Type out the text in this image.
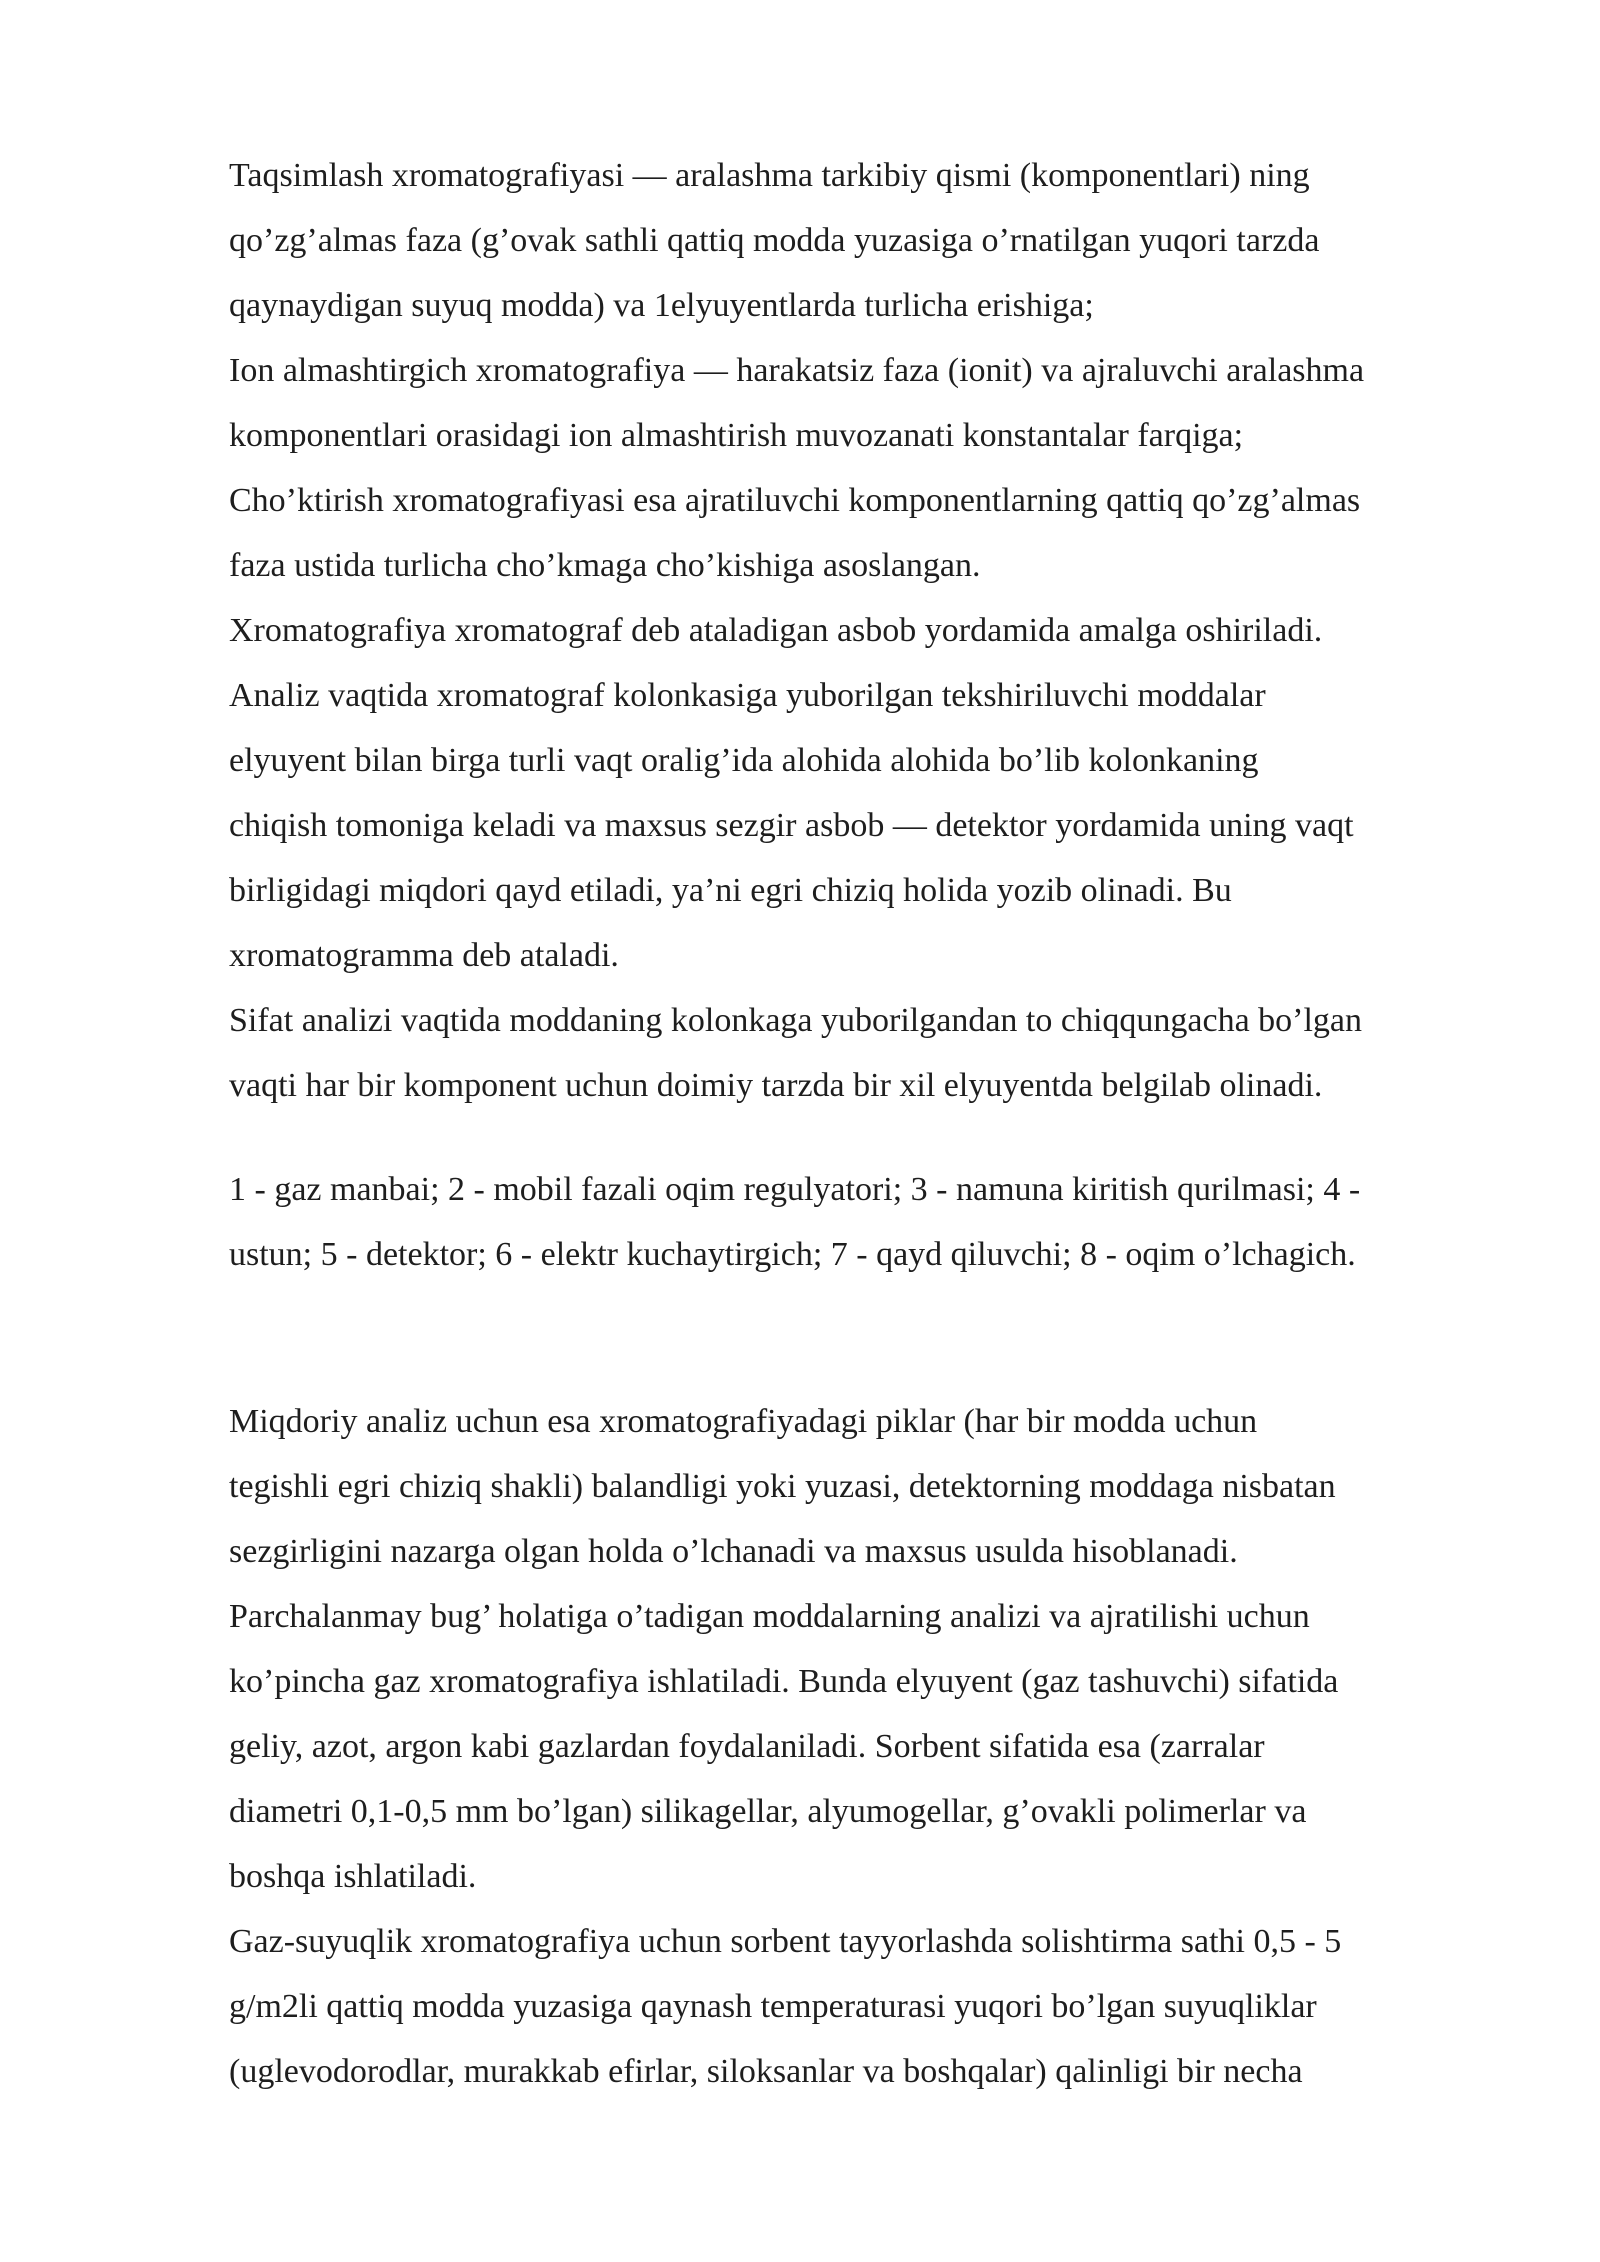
Taqsimlash xromatografiyasi — aralashma tarkibiy qismi (komponentlari) ning
qo’zg’almas faza (g’ovak sathli qattiq modda yuzasiga o’rnatilgan yuqori tarzda
qaynaydigan suyuq modda) va 1elyuyentlarda turlicha erishiga;
Ion almashtirgich xromatografiya — harakatsiz faza (ionit) va ajraluvchi aralashma
komponentlari orasidagi ion almashtirish muvozanati konstantalar farqiga;
Cho’ktirish xromatografiyasi esa ajratiluvchi komponentlarning qattiq qo’zg’almas
faza ustida turlicha cho’kmaga cho’kishiga asoslangan.
Xromatografiya xromatograf deb ataladigan asbob yordamida amalga oshiriladi.
Analiz vaqtida xromatograf kolonkasiga yuborilgan tekshiriluvchi moddalar
elyuyent bilan birga turli vaqt oralig’ida alohida alohida bo’lib kolonkaning
chiqish tomoniga keladi va maxsus sezgir asbob — detektor yordamida uning vaqt
birligidagi miqdori qayd etiladi, ya’ni egri chiziq holida yozib olinadi. Bu
xromatogramma deb ataladi.
Sifat analizi vaqtida moddaning kolonkaga yuborilgandan to chiqqungacha bo’lgan
vaqti har bir komponent uchun doimiy tarzda bir xil elyuyentda belgilab olinadi.
1 - gaz manbai; 2 - mobil fazali oqim regulyatori; 3 - namuna kiritish qurilmasi; 4 -
ustun; 5 - detektor; 6 - elektr kuchaytirgich; 7 - qayd qiluvchi; 8 - oqim o’lchagich.
Miqdoriy analiz uchun esa xromatografiyadagi piklar (har bir modda uchun
tegishli egri chiziq shakli) balandligi yoki yuzasi, detektorning moddaga nisbatan
sezgirligini nazarga olgan holda o’lchanadi va maxsus usulda hisoblanadi.
Parchalanmay bug’ holatiga o’tadigan moddalarning analizi va ajratilishi uchun
ko’pincha gaz xromatografiya ishlatiladi. Bunda elyuyent (gaz tashuvchi) sifatida
geliy, azot, argon kabi gazlardan foydalaniladi. Sorbent sifatida esa (zarralar
diametri 0,1-0,5 mm bo’lgan) silikagellar, alyumogellar, g’ovakli polimerlar va
boshqa ishlatiladi.
Gaz-suyuqlik xromatografiya uchun sorbent tayyorlashda solishtirma sathi 0,5 - 5
g/m2li qattiq modda yuzasiga qaynash temperaturasi yuqori bo’lgan suyuqliklar
(uglevodorodlar, murakkab efirlar, siloksanlar va boshqalar) qalinligi bir necha
